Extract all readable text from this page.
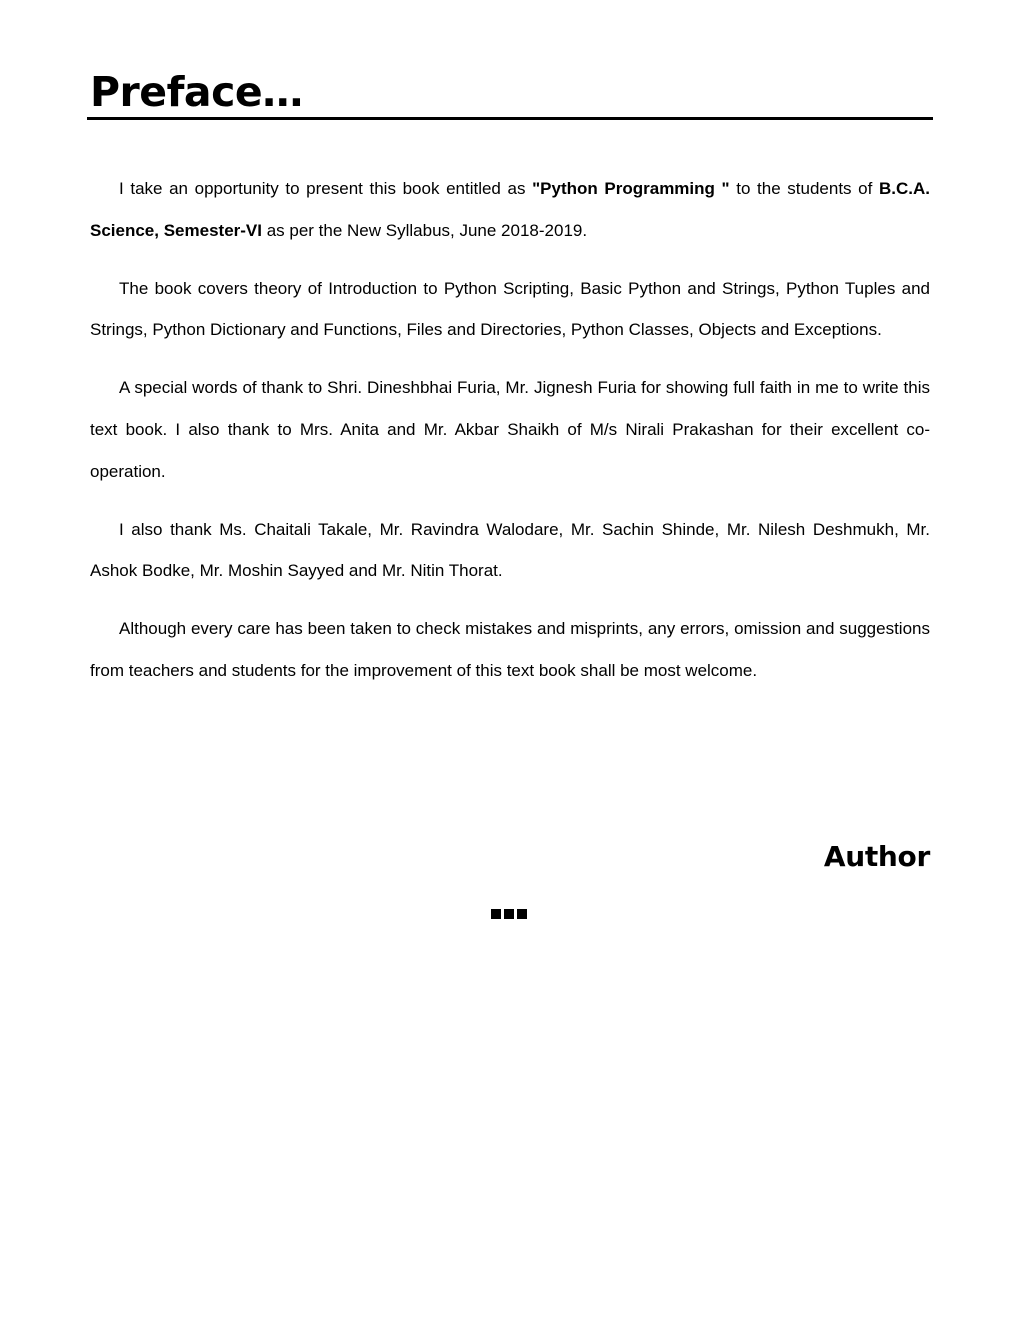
Preface…

I take an opportunity to present this book entitled as "Python Programming " to the students of B.C.A. Science, Semester-VI as per the New Syllabus, June 2018-2019.

The book covers theory of Introduction to Python Scripting, Basic Python and Strings, Python Tuples and Strings, Python Dictionary and Functions, Files and Directories, Python Classes, Objects and Exceptions.

A special words of thank to Shri. Dineshbhai Furia, Mr. Jignesh Furia for showing full faith in me to write this text book. I also thank to Mrs. Anita and Mr. Akbar Shaikh of M/s Nirali Prakashan for their excellent co-operation.

I also thank Ms. Chaitali Takale, Mr. Ravindra Walodare, Mr. Sachin Shinde, Mr. Nilesh Deshmukh, Mr. Ashok Bodke, Mr. Moshin Sayyed and Mr. Nitin Thorat.

Although every care has been taken to check mistakes and misprints, any errors, omission and suggestions from teachers and students for the improvement of this text book shall be most welcome.

Author
